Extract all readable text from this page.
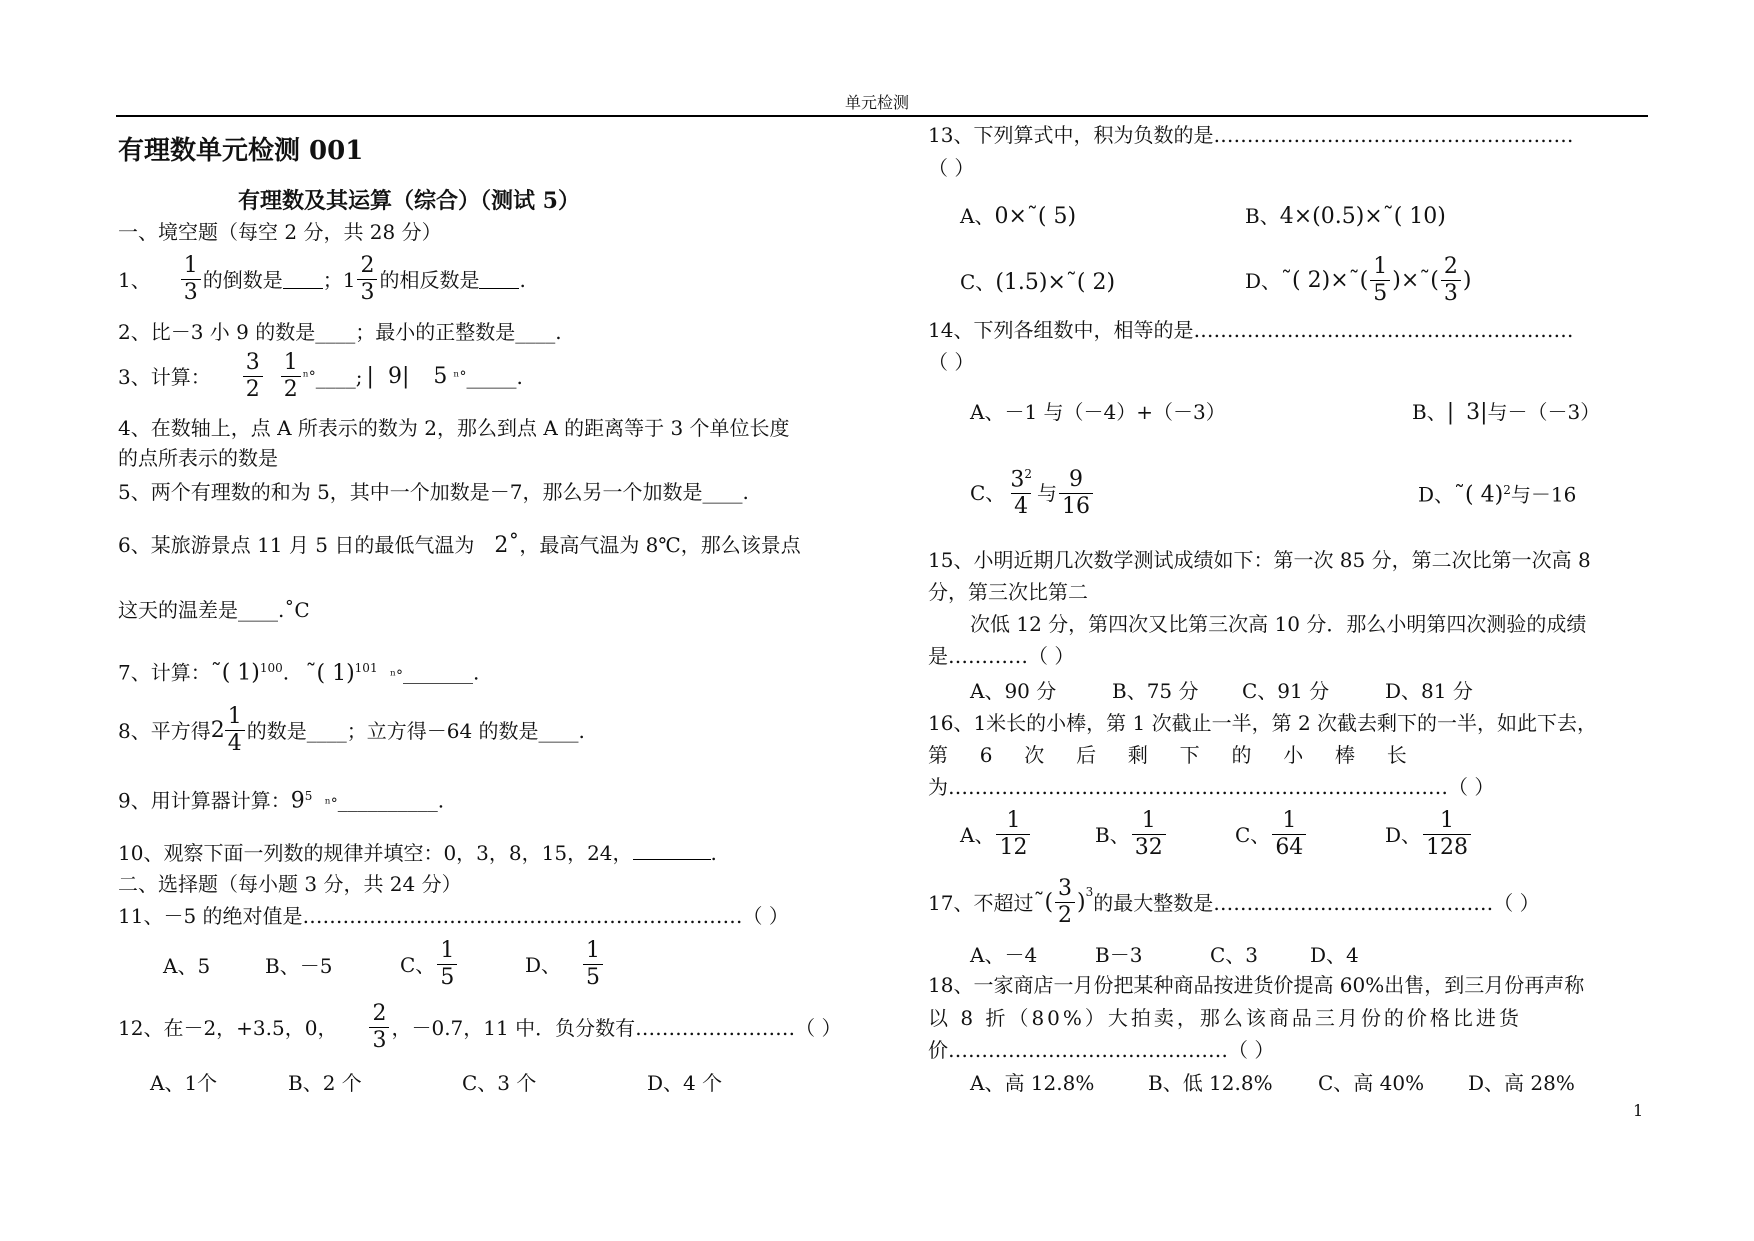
单元检测
1
有理数单元检测 001
有理数及其运算（综合）（测试 5）
一、境空题（每空 2 分，共 28 分）
1、 $\frac{1}{3}$ 的倒数是 ；$1 \frac{2}{3}$ 的相反数是 .
2、比－3 小 9 的数是____；最小的正整数是____.
3、计算： $\frac{3}{2} \frac{1}{2} ^n^\circ$ ____; | 9 | 5 ⁿ° _____.
4、在数轴上，点 A 所表示的数为 2，那么到点 A 的距离等于 3 个单位长度
的点所表示的数是
5、两个有理数的和为 5，其中一个加数是－7，那么另一个加数是____.
6、某旅游景点 11 月 5 日的最低气温为 2˚，最高气温为 8℃，那么该景点
这天的温差是____.˚C
7、计算：˜( 1)$^{100}$. ˜( 1)$^{101}$ ⁿ°_______.
8、平方得 $2 \frac{1}{4}$ 的数是____；立方得－64 的数是____.
9、用计算器计算：$9^5$ ⁿ°__________.
10、观察下面一列数的规律并填空：0，3，8，15，24，	.
二、选择题（每小题 3 分，共 24 分）
11、－5 的绝对值是…………………………………………………………（ ）
A、5	B、－5	C、 $\frac{1}{5}$	D、 $\frac{1}{5}$
12、在－2，+3.5，0， $\frac{2}{3}$ ，－0.7，11 中．负分数有……………………（ ）
A、1个	B、2 个	C、3 个	D、4 个
13、下列算式中，积为负数的是………………………………………………
（ ）
A、0×˜( 5)	B、4×(0.5)×˜( 10)
C、(1.5)×˜( 2)	D、 ˜( 2)×˜( $\frac{1}{5}$ )×˜( $\frac{2}{3}$ )
14、下列各组数中，相等的是…………………………………………………
（ ）
A、－1 与（－4）+（－3）	B、| 3|与－（－3）
C、 $\frac{3^2}{4}$ 与 $\frac{9}{16}$	D、˜( 4)$^2$与－16
15、小明近期几次数学测试成绩如下：第一次 85 分，第二次比第一次高 8
分，第三次比第二
次低 12 分，第四次又比第三次高 10 分．那么小明第四次测验的成绩
是…………（ ）
A、90 分	B、75 分 C、91 分	D、81 分
16、1米长的小棒，第 1 次截止一半，第 2 次截去剩下的一半，如此下去，
第     6     次     后     剩     下     的     小     棒     长
为…………………………………………………………………（ ）
A、 $\frac{1}{12}$	B、 $\frac{1}{32}$	C、 $\frac{1}{64}$	D、 $\frac{1}{128}$
17、不超过 ˜( $\frac{3}{2} )^3$ 的最大整数是……………………………………（ ）
A、－4	B－3	C、3	D、4
18、一家商店一月份把某种商品按进货价提高 60%出售，到三月份再声称
以 8 折（80%）大拍卖，那么该商品三月份的价格比进货
价……………………………………（ ）
A、高 12.8%	B、低 12.8% C、高 40% D、高 28%
